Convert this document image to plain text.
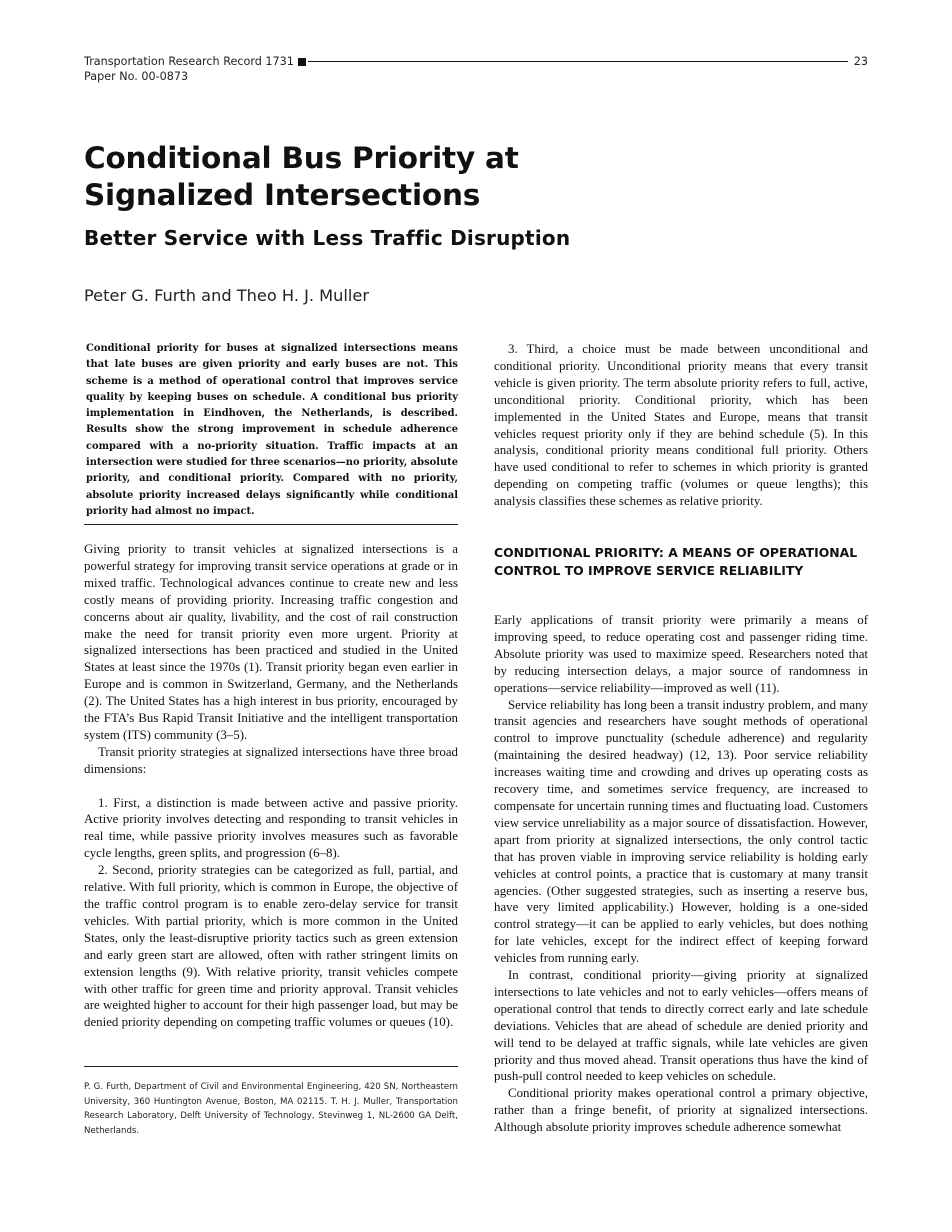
Transportation Research Record 1731	23
Paper No. 00-0873
Conditional Bus Priority at
Signalized Intersections
Better Service with Less Traffic Disruption
Peter G. Furth and Theo H. J. Muller
Conditional priority for buses at signalized intersections means that late buses are given priority and early buses are not. This scheme is a method of operational control that improves service quality by keeping buses on schedule. A conditional bus priority implementation in Eindhoven, the Netherlands, is described. Results show the strong improvement in schedule adherence compared with a no-priority situation. Traffic impacts at an intersection were studied for three scenarios—no priority, absolute priority, and conditional priority. Compared with no priority, absolute priority increased delays significantly while conditional priority had almost no impact.

Giving priority to transit vehicles at signalized intersections is a powerful strategy for improving transit service operations at grade or in mixed traffic. Technological advances continue to create new and less costly means of providing priority. Increasing traffic congestion and concerns about air quality, livability, and the cost of rail construction make the need for transit priority even more urgent. Priority at signalized intersections has been practiced and studied in the United States at least since the 1970s (1). Transit priority began even earlier in Europe and is common in Switzerland, Germany, and the Netherlands (2). The United States has a high interest in bus priority, encouraged by the FTA’s Bus Rapid Transit Initiative and the intelligent transportation system (ITS) community (3–5).

Transit priority strategies at signalized intersections have three broad dimensions:

1. First, a distinction is made between active and passive priority. Active priority involves detecting and responding to transit vehicles in real time, while passive priority involves measures such as favorable cycle lengths, green splits, and progression (6–8).

2. Second, priority strategies can be categorized as full, partial, and relative. With full priority, which is common in Europe, the objective of the traffic control program is to enable zero-delay service for transit vehicles. With partial priority, which is more common in the United States, only the least-disruptive priority tactics such as green extension and early green start are allowed, often with rather stringent limits on extension lengths (9). With relative priority, transit vehicles compete with other traffic for green time and priority approval. Transit vehicles are weighted higher to account for their high passenger load, but may be denied priority depending on competing traffic volumes or queues (10).

P. G. Furth, Department of Civil and Environmental Engineering, 420 SN, Northeastern University, 360 Huntington Avenue, Boston, MA 02115. T. H. J. Muller, Transportation Research Laboratory, Delft University of Technology, Stevinweg 1, NL-2600 GA Delft, Netherlands.

3. Third, a choice must be made between unconditional and conditional priority. Unconditional priority means that every transit vehicle is given priority. The term absolute priority refers to full, active, unconditional priority. Conditional priority, which has been implemented in the United States and Europe, means that transit vehicles request priority only if they are behind schedule (5). In this analysis, conditional priority means conditional full priority. Others have used conditional to refer to schemes in which priority is granted depending on competing traffic (volumes or queue lengths); this analysis classifies these schemes as relative priority.

CONDITIONAL PRIORITY: A MEANS OF OPERATIONAL CONTROL TO IMPROVE SERVICE RELIABILITY

Early applications of transit priority were primarily a means of improving speed, to reduce operating cost and passenger riding time. Absolute priority was used to maximize speed. Researchers noted that by reducing intersection delays, a major source of randomness in operations—service reliability—improved as well (11).

Service reliability has long been a transit industry problem, and many transit agencies and researchers have sought methods of operational control to improve punctuality (schedule adherence) and regularity (maintaining the desired headway) (12, 13). Poor service reliability increases waiting time and crowding and drives up operating costs as recovery time, and sometimes service frequency, are increased to compensate for uncertain running times and fluctuating load. Customers view service unreliability as a major source of dissatisfaction. However, apart from priority at signalized intersections, the only control tactic that has proven viable in improving service reliability is holding early vehicles at control points, a practice that is customary at many transit agencies. (Other suggested strategies, such as inserting a reserve bus, have very limited applicability.) However, holding is a one-sided control strategy—it can be applied to early vehicles, but does nothing for late vehicles, except for the indirect effect of keeping forward vehicles from running early.

In contrast, conditional priority—giving priority at signalized intersections to late vehicles and not to early vehicles—offers means of operational control that tends to directly correct early and late schedule deviations. Vehicles that are ahead of schedule are denied priority and will tend to be delayed at traffic signals, while late vehicles are given priority and thus moved ahead. Transit operations thus have the kind of push-pull control needed to keep vehicles on schedule.

Conditional priority makes operational control a primary objective, rather than a fringe benefit, of priority at signalized intersections. Although absolute priority improves schedule adherence somewhat
